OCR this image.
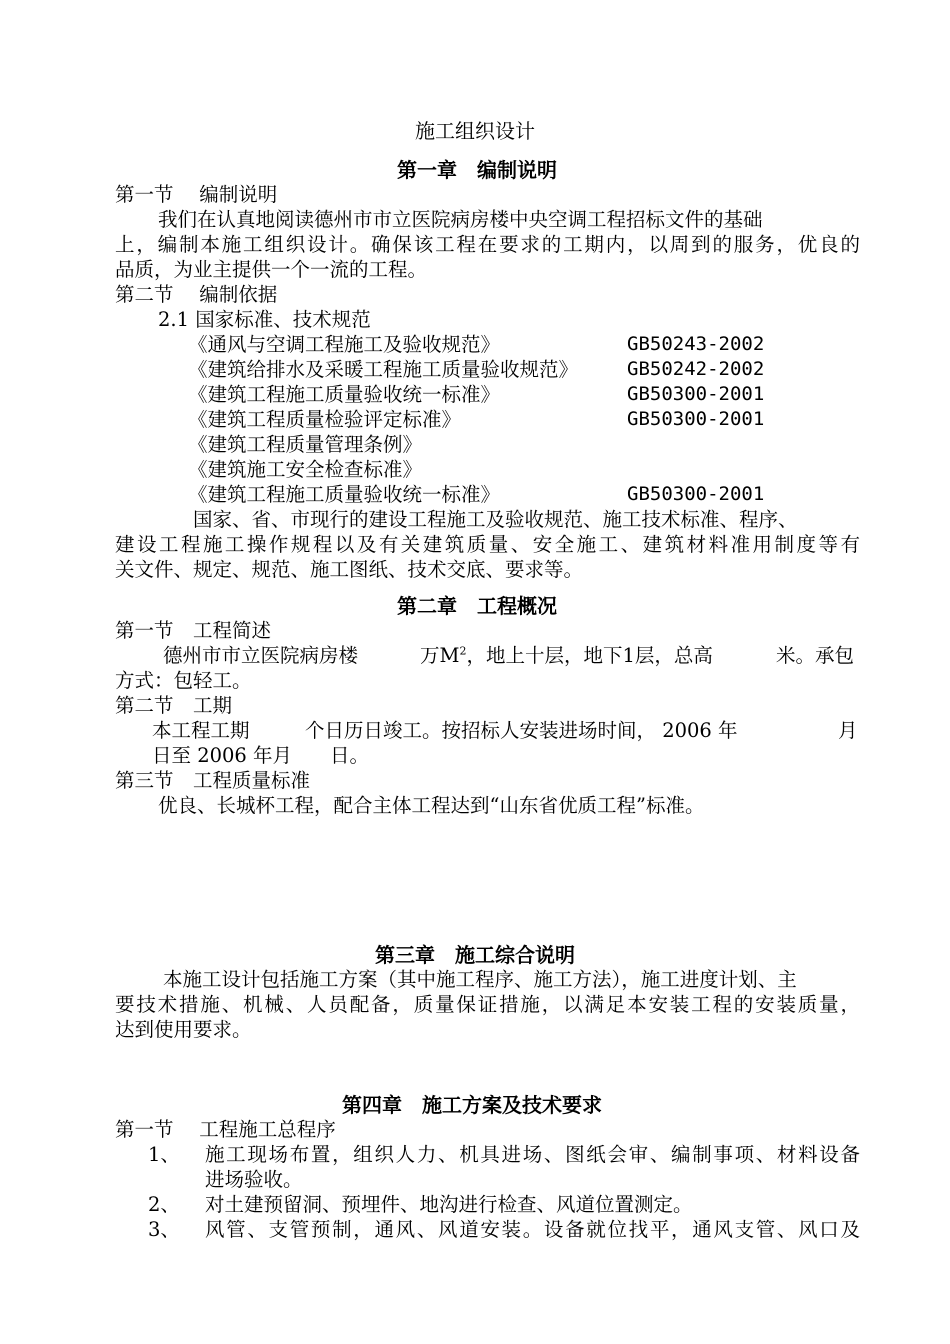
施工组织设计
第一章　编制说明
第一节　 编制说明
我们在认真地阅读德州市市立医院病房楼中央空调工程招标文件的基础
上，编制本施工组织设计。确保该工程在要求的工期内，以周到的服务，优良的
品质，为业主提供一个一流的工程。
第二节　 编制依据
2.1 国家标准、技术规范
《通风与空调工程施工及验收规范》	GB50243-2002
《建筑给排水及采暖工程施工质量验收规范》	GB50242-2002
《建筑工程施工质量验收统一标准》	GB50300-2001
《建筑工程质量检验评定标准》	GB50300-2001
《建筑工程质量管理条例》
《建筑施工安全检查标准》
《建筑工程施工质量验收统一标准》	GB50300-2001
国家、省、市现行的建设工程施工及验收规范、施工技术标准、程序、
建设工程施工操作规程以及有关建筑质量、安全施工、建筑材料准用制度等有
关文件、规定、规范、施工图纸、技术交底、要求等。
第二章　工程概况
第一节　工程简述
德州市市立医院病房楼	万$M^2$，地上十层，地下1层，总高	米。承包
方式：包轻工。
第二节　工期
本工程工期	个日历日竣工。按招标人安装进场时间， 2006 年	月
日至 2006 年月 日。
第三节　工程质量标准
优良、长城杯工程，配合主体工程达到“山东省优质工程”标准。
第三章　施工综合说明
本施工设计包括施工方案（其中施工程序、施工方法），施工进度计划、主
要技术措施、机械、人员配备，质量保证措施，以满足本安装工程的安装质量，
达到使用要求。
第四章　施工方案及技术要求
第一节　 工程施工总程序
1、 施工现场布置，组织人力、机具进场、图纸会审、编制事项、材料设备
进场验收。
2、 对土建预留洞、预埋件、地沟进行检查、风道位置测定。
3、 风管、支管预制，通风、风道安装。设备就位找平，通风支管、风口及
